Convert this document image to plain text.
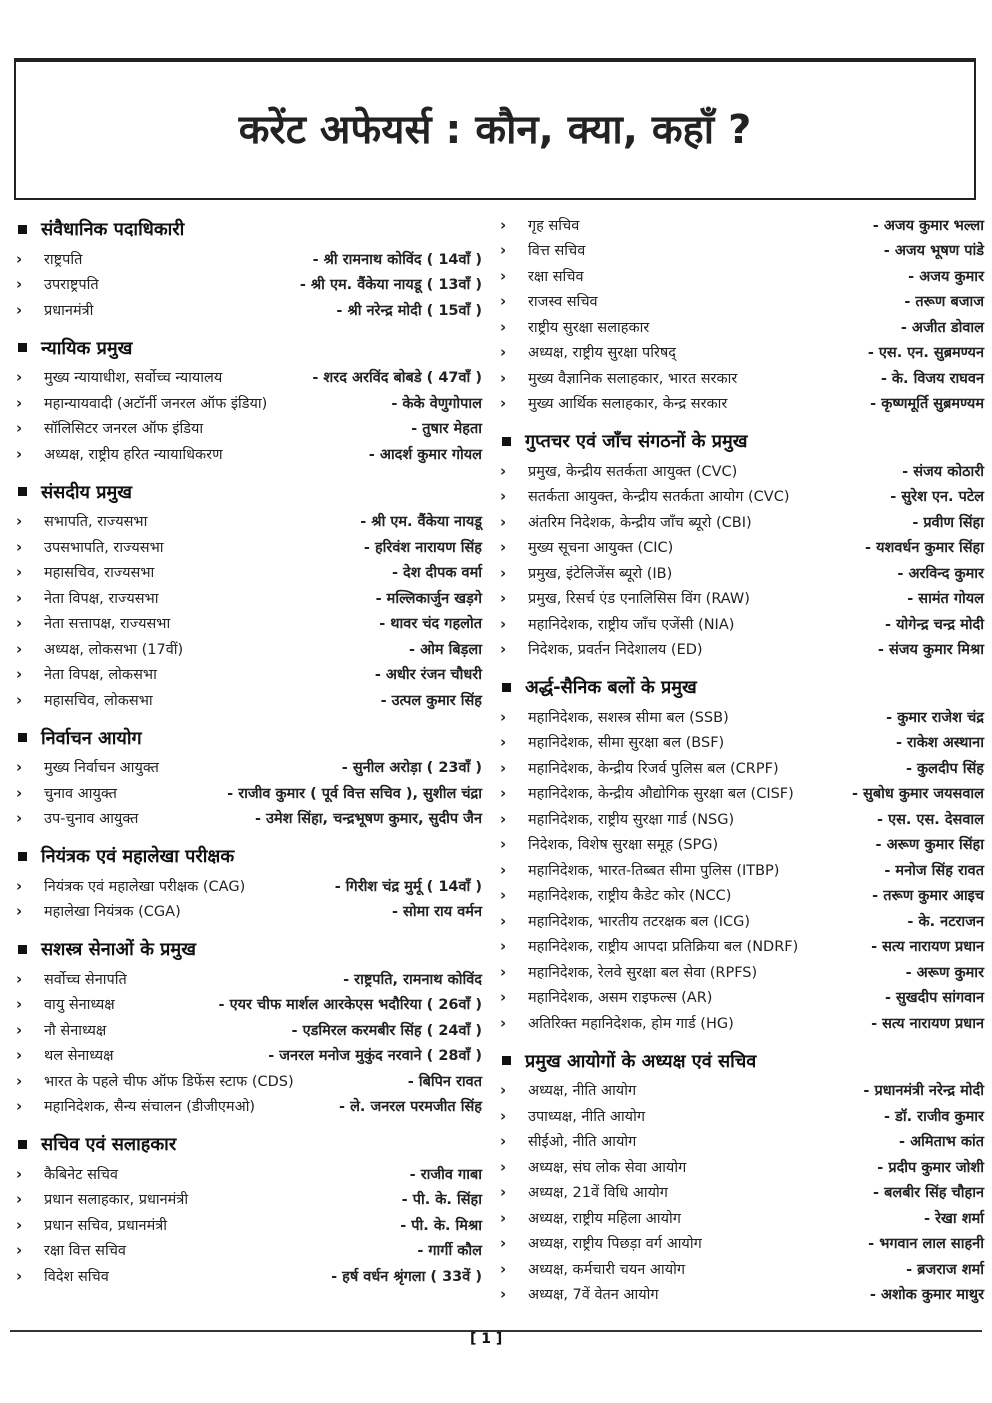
करेंट अफेयर्स : कौन, क्या, कहाँ ?
संवैधानिक पदाधिकारी
›	राष्ट्रपति	- श्री रामनाथ कोविंद ( 14वाँ )
›	उपराष्ट्रपति	- श्री एम. वैंकेया नायडू ( 13वाँ )
›	प्रधानमंत्री	- श्री नरेन्द्र मोदी ( 15वाँ )
न्यायिक प्रमुख
›	मुख्य न्यायाधीश, सर्वोच्च न्यायालय	- शरद अरविंद बोबडे ( 47वाँ )
›	महान्यायवादी (अटॉर्नी जनरल ऑफ इंडिया)	- केके वेणुगोपाल
›	सॉलिसिटर जनरल ऑफ इंडिया	- तुषार मेहता
›	अध्यक्ष, राष्ट्रीय हरित न्यायाधिकरण	- आदर्श कुमार गोयल
संसदीय प्रमुख
›	सभापति, राज्यसभा	- श्री एम. वैंकेया नायडू
›	उपसभापति, राज्यसभा	- हरिवंश नारायण सिंह
›	महासचिव, राज्यसभा	- देश दीपक वर्मा
›	नेता विपक्ष, राज्यसभा	- मल्लिकार्जुन खड़गे
›	नेता सत्तापक्ष, राज्यसभा	- थावर चंद गहलोत
›	अध्यक्ष, लोकसभा (17वीं)	- ओम बिड़ला
›	नेता विपक्ष, लोकसभा	- अधीर रंजन चौधरी
›	महासचिव, लोकसभा	- उत्पल कुमार सिंह
निर्वाचन आयोग
›	मुख्य निर्वाचन आयुक्त	- सुनील अरोड़ा ( 23वाँ )
›	चुनाव आयुक्त	- राजीव कुमार ( पूर्व वित्त सचिव ), सुशील चंद्रा
›	उप-चुनाव आयुक्त	- उमेश सिंहा, चन्द्रभूषण कुमार, सुदीप जैन
नियंत्रक एवं महालेखा परीक्षक
›	नियंत्रक एवं महालेखा परीक्षक (CAG)	- गिरीश चंद्र मुर्मू ( 14वाँ )
›	महालेखा नियंत्रक (CGA)	- सोमा राय वर्मन
सशस्त्र सेनाओं के प्रमुख
›	सर्वोच्च सेनापति	- राष्ट्रपति, रामनाथ कोविंद
›	वायु सेनाध्यक्ष	- एयर चीफ मार्शल आरकेएस भदौरिया ( 26वाँ )
›	नौ सेनाध्यक्ष	- एडमिरल करमबीर सिंह ( 24वाँ )
›	थल सेनाध्यक्ष	- जनरल मनोज मुकुंद नरवाने ( 28वाँ )
›	भारत के पहले चीफ ऑफ डिफेंस स्टाफ (CDS)	- बिपिन रावत
›	महानिदेशक, सैन्य संचालन (डीजीएमओ)	- ले. जनरल परमजीत सिंह
सचिव एवं सलाहकार
›	कैबिनेट सचिव	- राजीव गाबा
›	प्रधान सलाहकार, प्रधानमंत्री	- पी. के. सिंहा
›	प्रधान सचिव, प्रधानमंत्री	- पी. के. मिश्रा
›	रक्षा वित्त सचिव	- गार्गी कौल
›	विदेश सचिव	- हर्ष वर्धन श्रृंगला ( 33वें )
›	गृह सचिव	- अजय कुमार भल्ला
›	वित्त सचिव	- अजय भूषण पांडे
›	रक्षा सचिव	- अजय कुमार
›	राजस्व सचिव	- तरूण बजाज
›	राष्ट्रीय सुरक्षा सलाहकार	- अजीत डोवाल
›	अध्यक्ष, राष्ट्रीय सुरक्षा परिषद्	- एस. एन. सुब्रमण्यन
›	मुख्य वैज्ञानिक सलाहकार, भारत सरकार	- के. विजय राघवन
›	मुख्य आर्थिक सलाहकार, केन्द्र सरकार	- कृष्णमूर्ति सुब्रमण्यम
गुप्तचर एवं जाँच संगठनों के प्रमुख
›	प्रमुख, केन्द्रीय सतर्कता आयुक्त (CVC)	- संजय कोठारी
›	सतर्कता आयुक्त, केन्द्रीय सतर्कता आयोग (CVC)	- सुरेश एन. पटेल
›	अंतरिम निदेशक, केन्द्रीय जाँच ब्यूरो (CBI)	- प्रवीण सिंहा
›	मुख्य सूचना आयुक्त (CIC)	- यशवर्धन कुमार सिंहा
›	प्रमुख, इंटेलिजेंस ब्यूरो (IB)	- अरविन्द कुमार
›	प्रमुख, रिसर्च एंड एनालिसिस विंग (RAW)	- सामंत गोयल
›	महानिदेशक, राष्ट्रीय जाँच एजेंसी (NIA)	- योगेन्द्र चन्द्र मोदी
›	निदेशक, प्रवर्तन निदेशालय (ED)	- संजय कुमार मिश्रा
अर्द्ध-सैनिक बलों के प्रमुख
›	महानिदेशक, सशस्त्र सीमा बल (SSB)	- कुमार राजेश चंद्र
›	महानिदेशक, सीमा सुरक्षा बल (BSF)	- राकेश अस्थाना
›	महानिदेशक, केन्द्रीय रिजर्व पुलिस बल (CRPF)	- कुलदीप सिंह
›	महानिदेशक, केन्द्रीय औद्योगिक सुरक्षा बल (CISF)	- सुबोध कुमार जयसवाल
›	महानिदेशक, राष्ट्रीय सुरक्षा गार्ड (NSG)	- एस. एस. देसवाल
›	निदेशक, विशेष सुरक्षा समूह (SPG)	- अरूण कुमार सिंहा
›	महानिदेशक, भारत-तिब्बत सीमा पुलिस (ITBP)	- मनोज सिंह रावत
›	महानिदेशक, राष्ट्रीय कैडेट कोर (NCC)	- तरूण कुमार आइच
›	महानिदेशक, भारतीय तटरक्षक बल (ICG)	- के. नटराजन
›	महानिदेशक, राष्ट्रीय आपदा प्रतिक्रिया बल (NDRF)	- सत्य नारायण प्रधान
›	महानिदेशक, रेलवे सुरक्षा बल सेवा (RPFS)	- अरूण कुमार
›	महानिदेशक, असम राइफल्स (AR)	- सुखदीप सांगवान
›	अतिरिक्त महानिदेशक, होम गार्ड (HG)	- सत्य नारायण प्रधान
प्रमुख आयोगों के अध्यक्ष एवं सचिव
›	अध्यक्ष, नीति आयोग	- प्रधानमंत्री नरेन्द्र मोदी
›	उपाध्यक्ष, नीति आयोग	- डॉ. राजीव कुमार
›	सीईओ, नीति आयोग	- अमिताभ कांत
›	अध्यक्ष, संघ लोक सेवा आयोग	- प्रदीप कुमार जोशी
›	अध्यक्ष, 21वें विधि आयोग	- बलबीर सिंह चौहान
›	अध्यक्ष, राष्ट्रीय महिला आयोग	- रेखा शर्मा
›	अध्यक्ष, राष्ट्रीय पिछड़ा वर्ग आयोग	- भगवान लाल साहनी
›	अध्यक्ष, कर्मचारी चयन आयोग	- ब्रजराज शर्मा
›	अध्यक्ष, 7वें वेतन आयोग	- अशोक कुमार माथुर
[ 1 ]
